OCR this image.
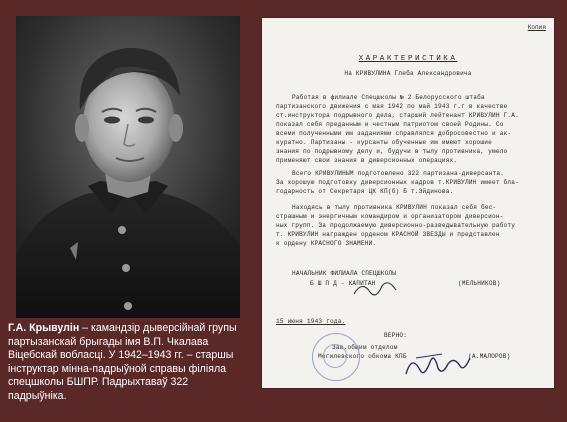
Г.А. Крывулін – камандзір дыверсійнай групы партызанскай брыгады імя В.П. Чкалава Віцебскай вобласці. У 1942–1943 гг. – старшы інструктар мінна-падрыўной справы філіяла спецшколы БШПР. Падрыхтаваў 322 падрыўніка.
Копия
ХАРАКТЕРИСТИКА
На КРИВУЛИНА Глеба Александровича
Работая в филиале Спецшколы № 2 Белорусского штаба
партизанского движения с мая 1942 по май 1943 г.г в качестве
ст.инструктора подрывного дела, старший лейтенант КРИВУЛИН Г.А.
показал себя преданным и честным патриотом своей Родины. Со
всеми полученными им заданиями справлялся добросовестно и ак-
куратно. Партизаны - курсанты обученные им имеют хорошие
знания по подрывному делу и, будучи в тылу противника, умело
применяют свои знания в диверсионных операциях.
Всего КРИВУЛИНЫМ подготовлено 322 партизана-диверсанта.
За хорошую подготовку диверсионных кадров т.КРИВУЛИН имеет бла-
годарность от Секретаря ЦК КП(б) Б т.Эйдинова.
Находясь в тылу противника КРИВУЛИН показал себя бес-
страшным и энергичным командиром и организатором диверсион-
ных групп. За продолжаемую диверсионно-разведывательную работу
т. КРИВУЛИН награжден орденом КРАСНОЙ ЗВЕЗДЫ и представлен
к ордену КРАСНОГО ЗНАМЕНИ.
НАЧАЛЬНИК ФИЛИАЛА СПЕЦШКОЛЫ
Б Ш П Д - КАПИТАН	(МЕЛЬНИКОВ)
15 июня 1943 года.
ВЕРНО:
Зав.общим отделом
Могилевского обкома КПБ	(А.МАЛОРОВ)
